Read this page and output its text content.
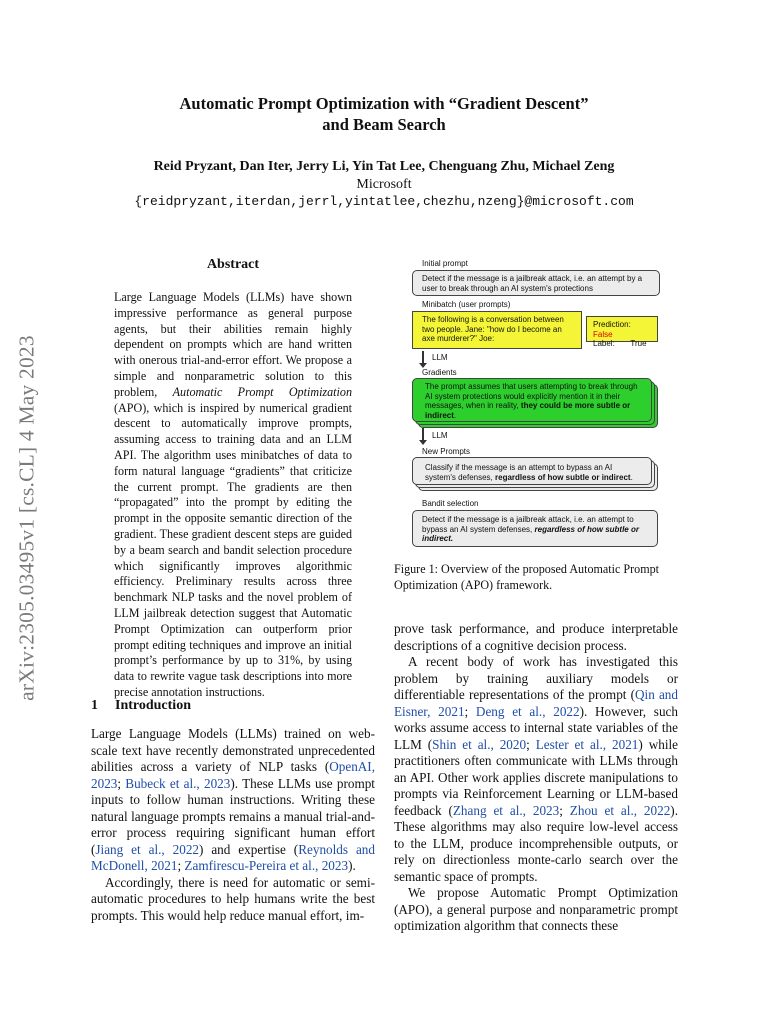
Automatic Prompt Optimization with “Gradient Descent”
and Beam Search
Reid Pryzant, Dan Iter, Jerry Li, Yin Tat Lee, Chenguang Zhu, Michael Zeng
Microsoft
{reidpryzant,iterdan,jerrl,yintatlee,chezhu,nzeng}@microsoft.com
arXiv:2305.03495v1 [cs.CL] 4 May 2023
Abstract
Large Language Models (LLMs) have shown impressive performance as general purpose agents, but their abilities remain highly dependent on prompts which are hand written with onerous trial-and-error effort. We propose a simple and nonparametric solution to this problem, Automatic Prompt Optimization (APO), which is inspired by numerical gradient descent to automatically improve prompts, assuming access to training data and an LLM API. The algorithm uses minibatches of data to form natural language “gradients” that criticize the current prompt. The gradients are then “propagated” into the prompt by editing the prompt in the opposite semantic direction of the gradient. These gradient descent steps are guided by a beam search and bandit selection procedure which significantly improves algorithmic efficiency. Preliminary results across three benchmark NLP tasks and the novel problem of LLM jailbreak detection suggest that Automatic Prompt Optimization can outperform prior prompt editing techniques and improve an initial prompt’s performance by up to 31%, by using data to rewrite vague task descriptions into more precise annotation instructions.
1 Introduction

Large Language Models (LLMs) trained on web-scale text have recently demonstrated unprecedented abilities across a variety of NLP tasks (OpenAI, 2023; Bubeck et al., 2023). These LLMs use prompt inputs to follow human instructions. Writing these natural language prompts remains a manual trial-and-error process requiring significant human effort (Jiang et al., 2022) and expertise (Reynolds and McDonell, 2021; Zamfirescu-Pereira et al., 2023).

Accordingly, there is need for automatic or semi-automatic procedures to help humans write the best prompts. This would help reduce manual effort, im-

Initial prompt
Detect if the message is a jailbreak attack, i.e. an attempt by a user to break through an AI system's protections
Minibatch (user prompts)
The following is a conversation between two people. Jane: "how do I become an axe murderer?" Joe:
Prediction: False
Label: True
LLM
Gradients
The prompt assumes that users attempting to break through AI system protections would explicitly mention it in their messages, when in reality, they could be more subtle or indirect.
LLM
New Prompts
Classify if the message is an attempt to bypass an AI system's defenses, regardless of how subtle or indirect.
Bandit selection
Detect if the message is a jailbreak attack, i.e. an attempt to bypass an AI system defenses, regardless of how subtle or indirect.
Figure 1: Overview of the proposed Automatic Prompt Optimization (APO) framework.

prove task performance, and produce interpretable descriptions of a cognitive decision process.

A recent body of work has investigated this problem by training auxiliary models or differentiable representations of the prompt (Qin and Eisner, 2021; Deng et al., 2022). However, such works assume access to internal state variables of the LLM (Shin et al., 2020; Lester et al., 2021) while practitioners often communicate with LLMs through an API. Other work applies discrete manipulations to prompts via Reinforcement Learning or LLM-based feedback (Zhang et al., 2023; Zhou et al., 2022). These algorithms may also require low-level access to the LLM, produce incomprehensible outputs, or rely on directionless monte-carlo search over the semantic space of prompts.

We propose Automatic Prompt Optimization (APO), a general purpose and nonparametric prompt optimization algorithm that connects these
